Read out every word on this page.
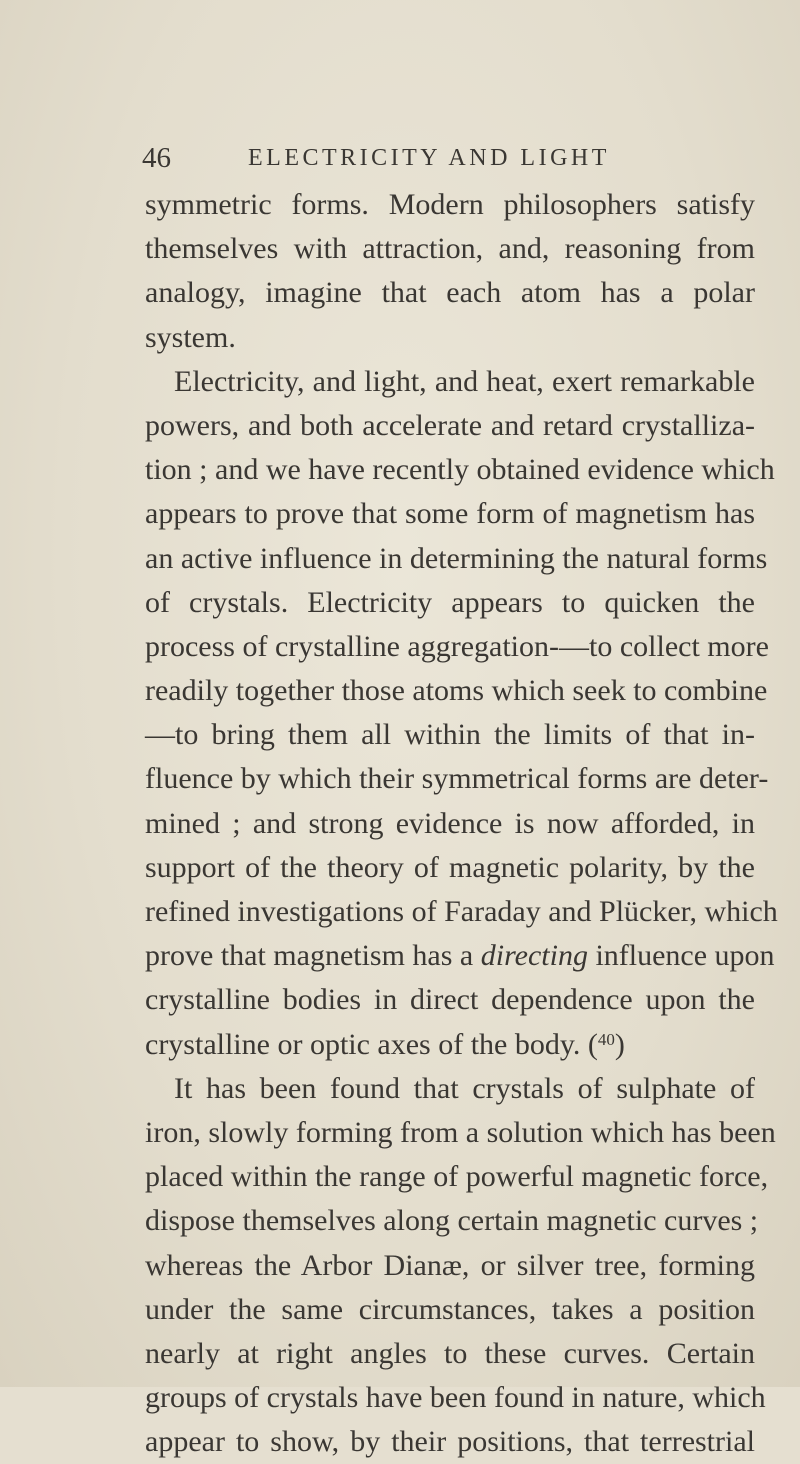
46	ELECTRICITY AND LIGHT
symmetric forms. Modern philosophers satisfy
themselves with attraction, and, reasoning from
analogy, imagine that each atom has a polar
system.
Electricity, and light, and heat, exert remarkable
powers, and both accelerate and retard crystalliza-
tion ; and we have recently obtained evidence which
appears to prove that some form of magnetism has
an active influence in determining the natural forms
of crystals. Electricity appears to quicken the
process of crystalline aggregation-—to collect more
readily together those atoms which seek to combine
—to bring them all within the limits of that in-
fluence by which their symmetrical forms are deter-
mined ; and strong evidence is now afforded, in
support of the theory of magnetic polarity, by the
refined investigations of Faraday and Plücker, which
prove that magnetism has a directing influence upon
crystalline bodies in direct dependence upon the
crystalline or optic axes of the body. ($^{40}$)
It has been found that crystals of sulphate of
iron, slowly forming from a solution which has been
placed within the range of powerful magnetic force,
dispose themselves along certain magnetic curves ;
whereas the Arbor Dianæ, or silver tree, forming
under the same circumstances, takes a position
nearly at right angles to these curves. Certain
groups of crystals have been found in nature, which
appear to show, by their positions, that terrestrial
